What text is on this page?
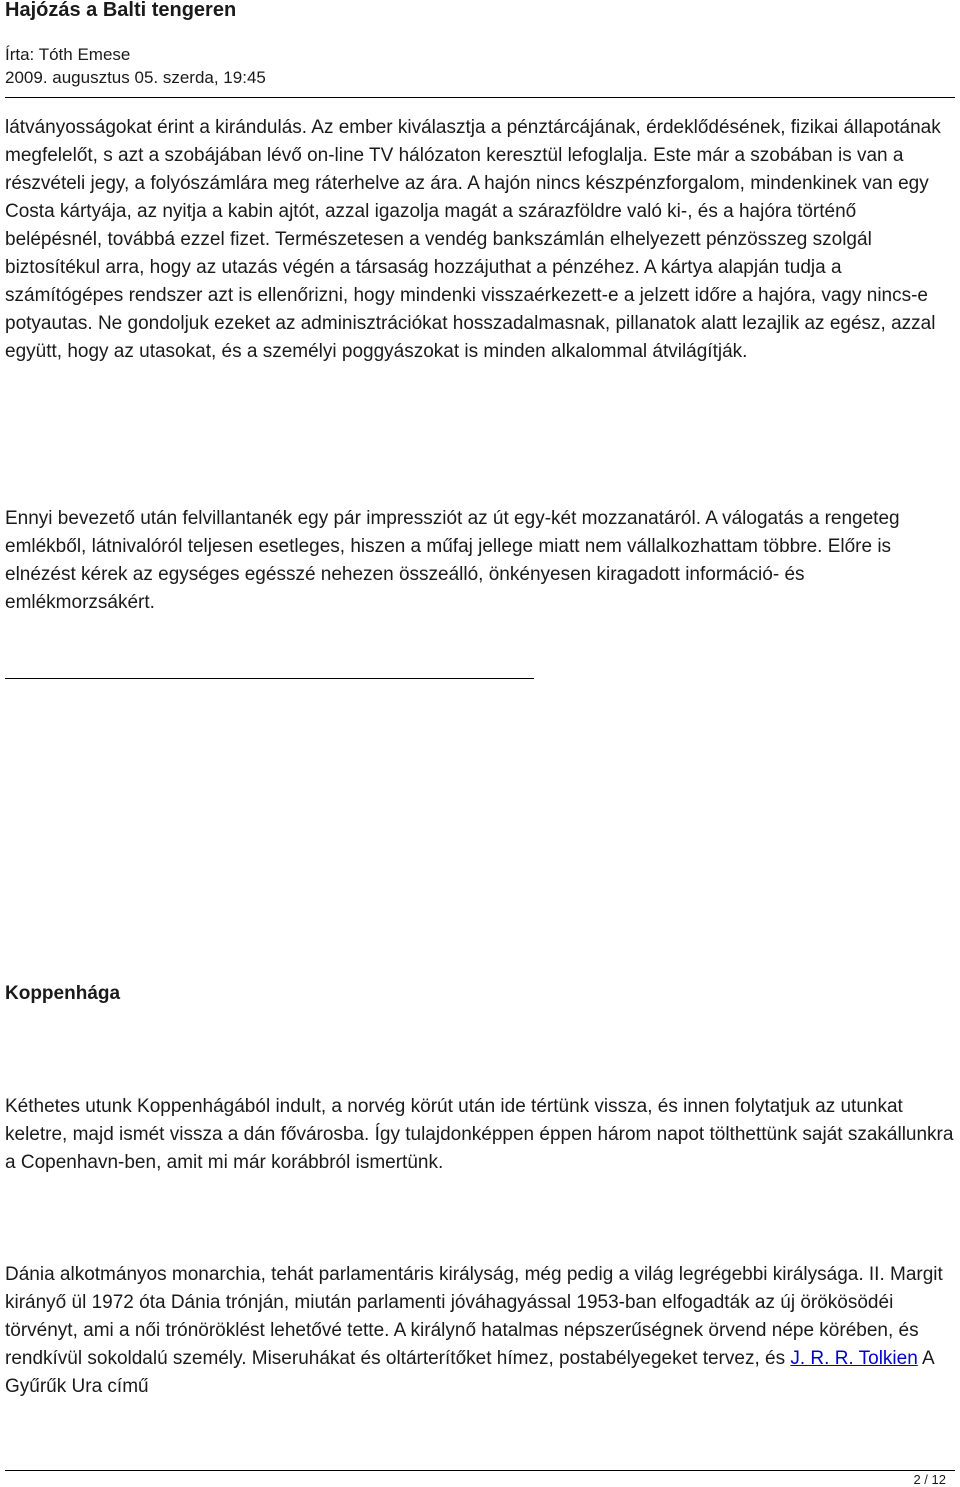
Hajózás a Balti tengeren
Írta: Tóth Emese
2009. augusztus 05. szerda, 19:45

látványosságokat érint a kirándulás. Az ember kiválasztja a pénztárcájának, érdeklődésének, fizikai állapotának megfelelőt, s azt a szobájában lévő on-line TV hálózaton keresztül lefoglalja. Este már a szobában is van a részvételi jegy, a folyószámlára meg ráterhelve az ára. A hajón nincs készpénzforgalom, mindenkinek van egy Costa kártyája, az nyitja a kabin ajtót, azzal igazolja magát a szárazföldre való ki-, és a hajóra történő belépésnél, továbbá ezzel fizet. Természetesen a vendég bankszámlán elhelyezett pénzösszeg szolgál biztosítékul arra, hogy az utazás végén a társaság hozzájuthat a pénzéhez. A kártya alapján tudja a számítógépes rendszer azt is ellenőrizni, hogy mindenki visszaérkezett-e a jelzett időre a hajóra, vagy nincs-e potyautas. Ne gondoljuk ezeket az adminisztrációkat hosszadalmasnak, pillanatok alatt lezajlik az egész, azzal együtt, hogy az utasokat, és a személyi poggyászokat is minden alkalommal átvilágítják.

Ennyi bevezető után felvillantanék egy pár impressziót az út egy-két mozzanatáról. A válogatás a rengeteg emlékből, látnivalóról teljesen esetleges, hiszen a műfaj jellege miatt nem vállalkozhattam többre. Előre is elnézést kérek az egységes egésszé nehezen összeálló, önkényesen kiragadott információ- és emlékmorzsákért.

Koppenhága

Kéthetes utunk Koppenhágából indult, a norvég körút után ide tértünk vissza, és innen folytatjuk az utunkat keletre, majd ismét vissza a dán fővárosba. Így tulajdonképpen éppen három napot tölthettünk saját szakállunkra a Copenhavn-ben, amit mi már korábbról ismertünk.

Dánia alkotmányos monarchia, tehát parlamentáris királyság, még pedig a világ legrégebbi királysága. II. Margit kirányő ül 1972 óta Dánia trónján, miután parlamenti jóváhagyással 1953-ban elfogadták az új örökösödéi törvényt, ami a női trónöröklést lehetővé tette. A királynő hatalmas népszerűségnek örvend népe körében, és rendkívül sokoldalú személy. Miseruhákat és oltárterítőket hímez, postabélyegeket tervez, és J. R. R. Tolkien A Gyűrűk Ura című

2 / 12
